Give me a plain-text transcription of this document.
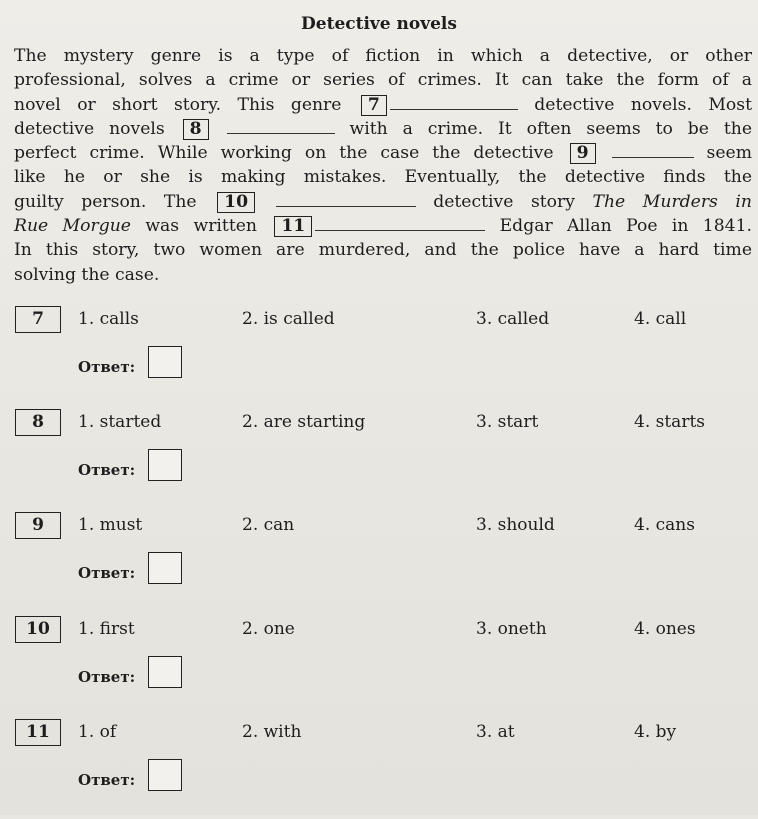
Detective novels
The mystery genre is a type of fiction in which a detective, or other
professional, solves a crime or series of crimes. It can take the form of a
novel or short story. This genre 7	detective novels. Most
detective novels 8	with a crime. It often seems to be the
perfect crime. While working on the case the detective 9	seem
like he or she is making mistakes. Eventually, the detective finds the
guilty person. The 10	detective story The Murders in
Rue Morgue was written 11	Edgar Allan Poe in 1841.
In this story, two women are murdered, and the police have a hard time
solving the case.
7	1. calls	2. is called	3. called	4. call
Ответ:
8	1. started	2. are starting	3. start	4. starts
Ответ:
9	1. must	2. can	3. should	4. cans
Ответ:
10	1. first	2. one	3. oneth	4. ones
Ответ:
11	1. of	2. with	3. at	4. by
Ответ:
